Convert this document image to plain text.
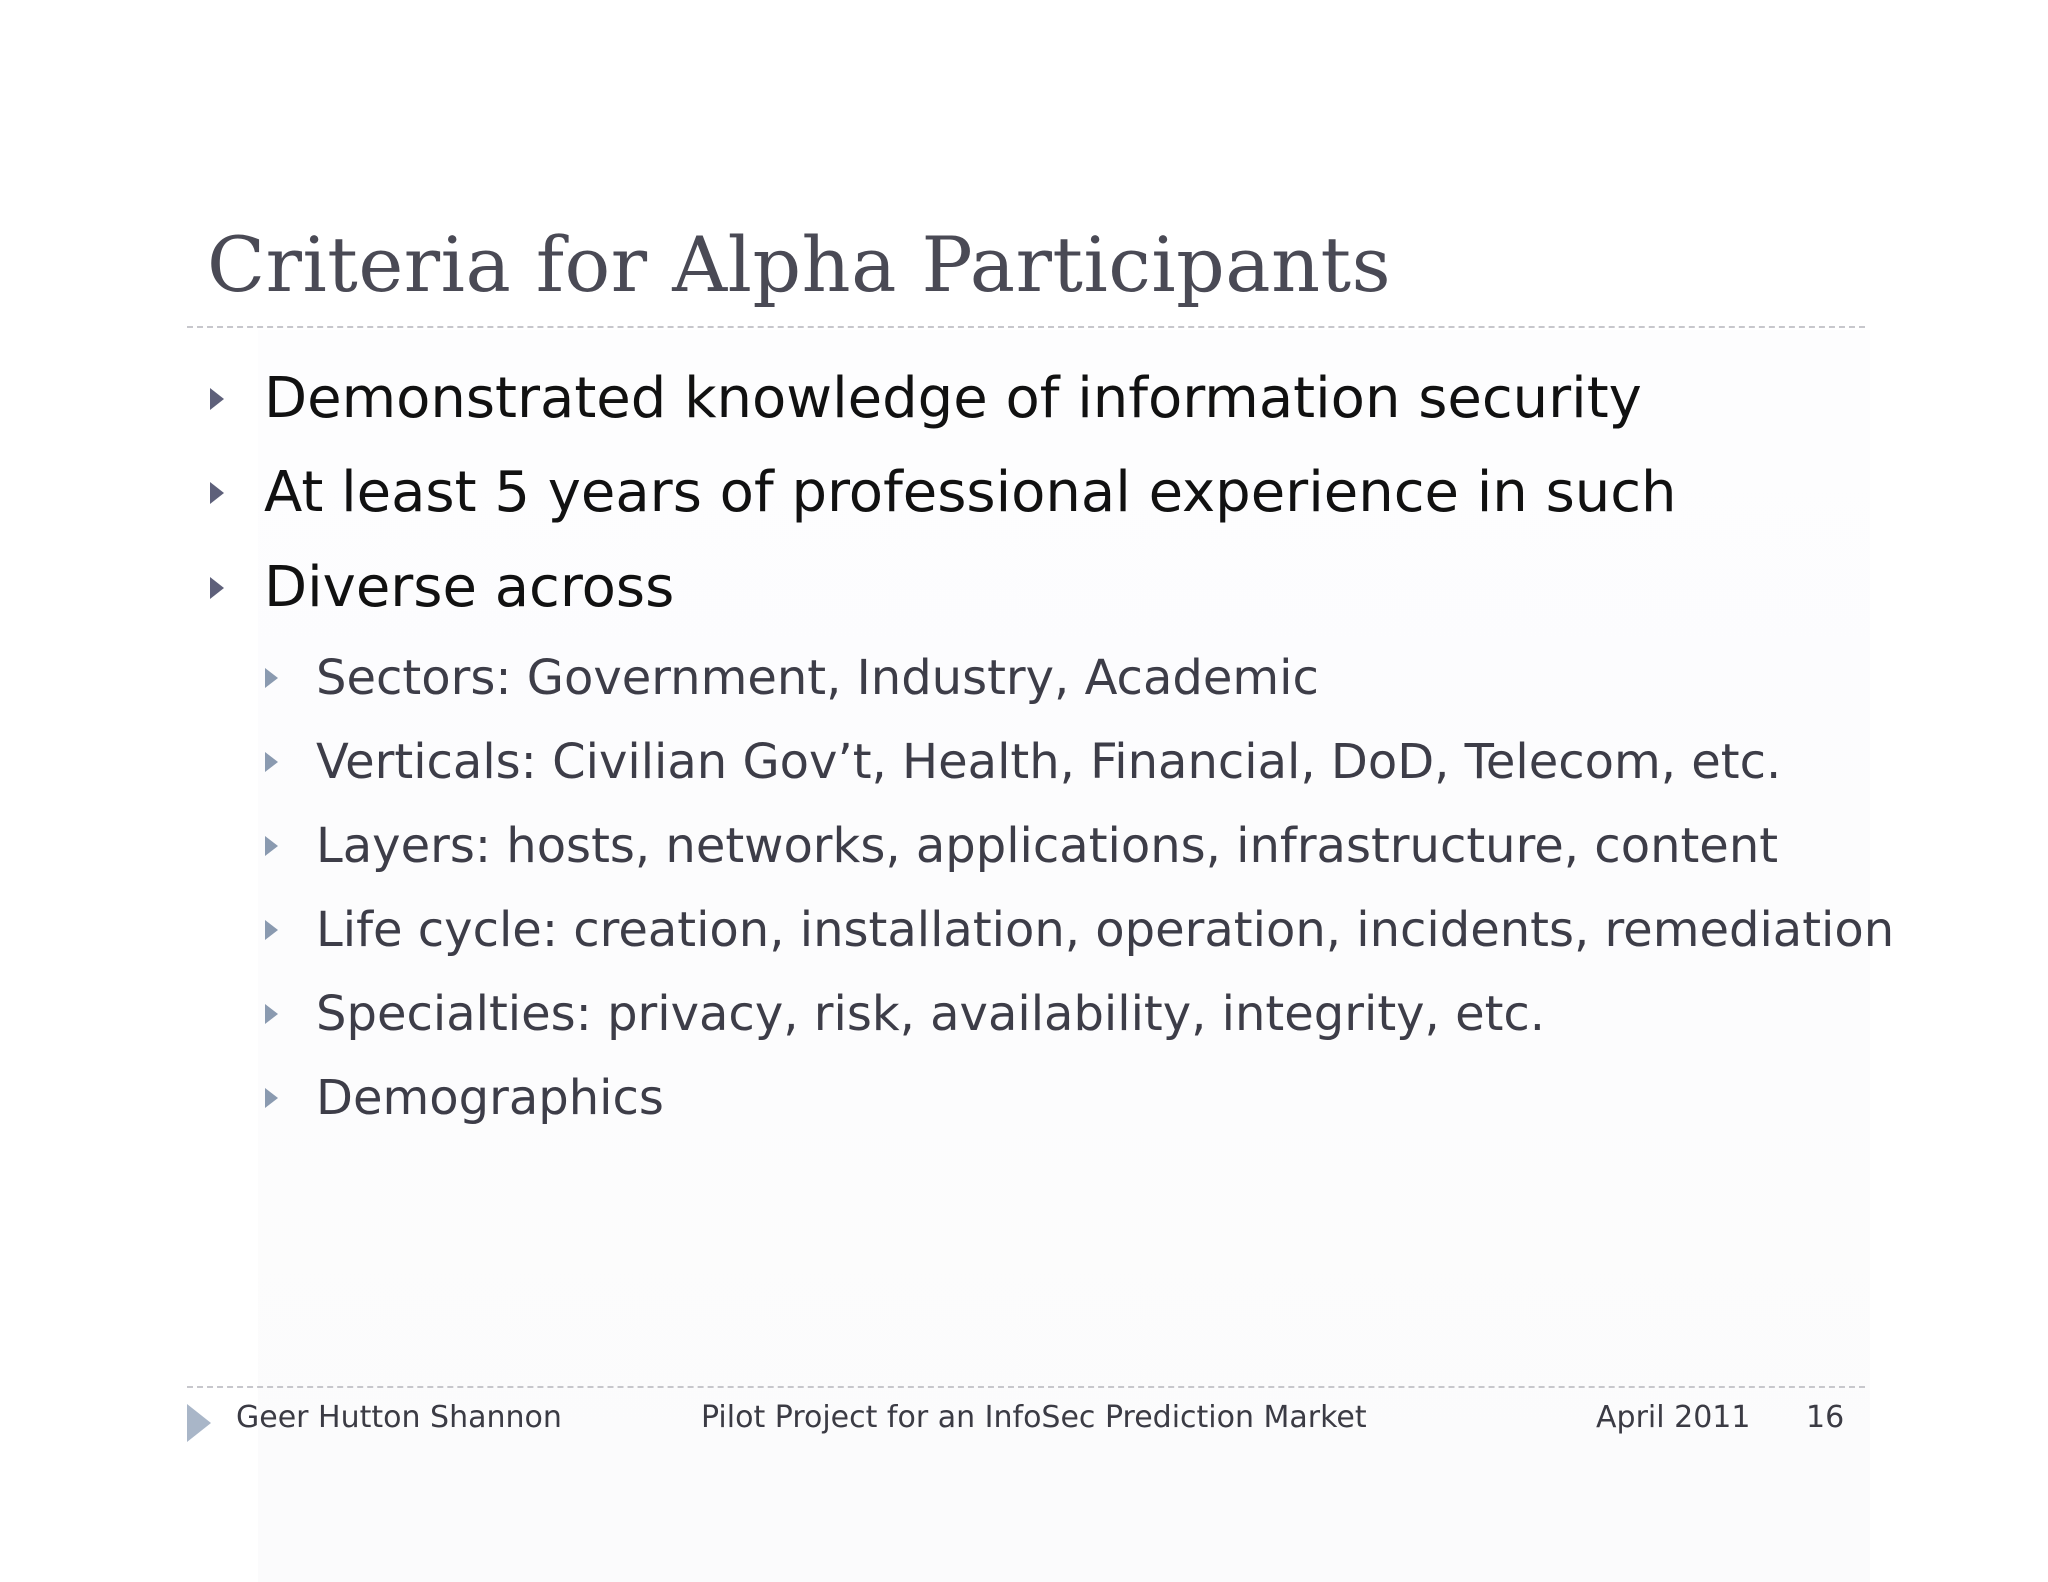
Criteria for Alpha Participants
Demonstrated knowledge of information security
At least 5 years of professional experience in such
Diverse across
Sectors: Government, Industry, Academic
Verticals: Civilian Gov’t, Health, Financial, DoD, Telecom, etc.
Layers: hosts, networks, applications, infrastructure, content
Life cycle: creation, installation, operation, incidents, remediation
Specialties: privacy, risk, availability, integrity, etc.
Demographics
Geer Hutton Shannon	Pilot Project for an InfoSec Prediction Market	April 2011 16
